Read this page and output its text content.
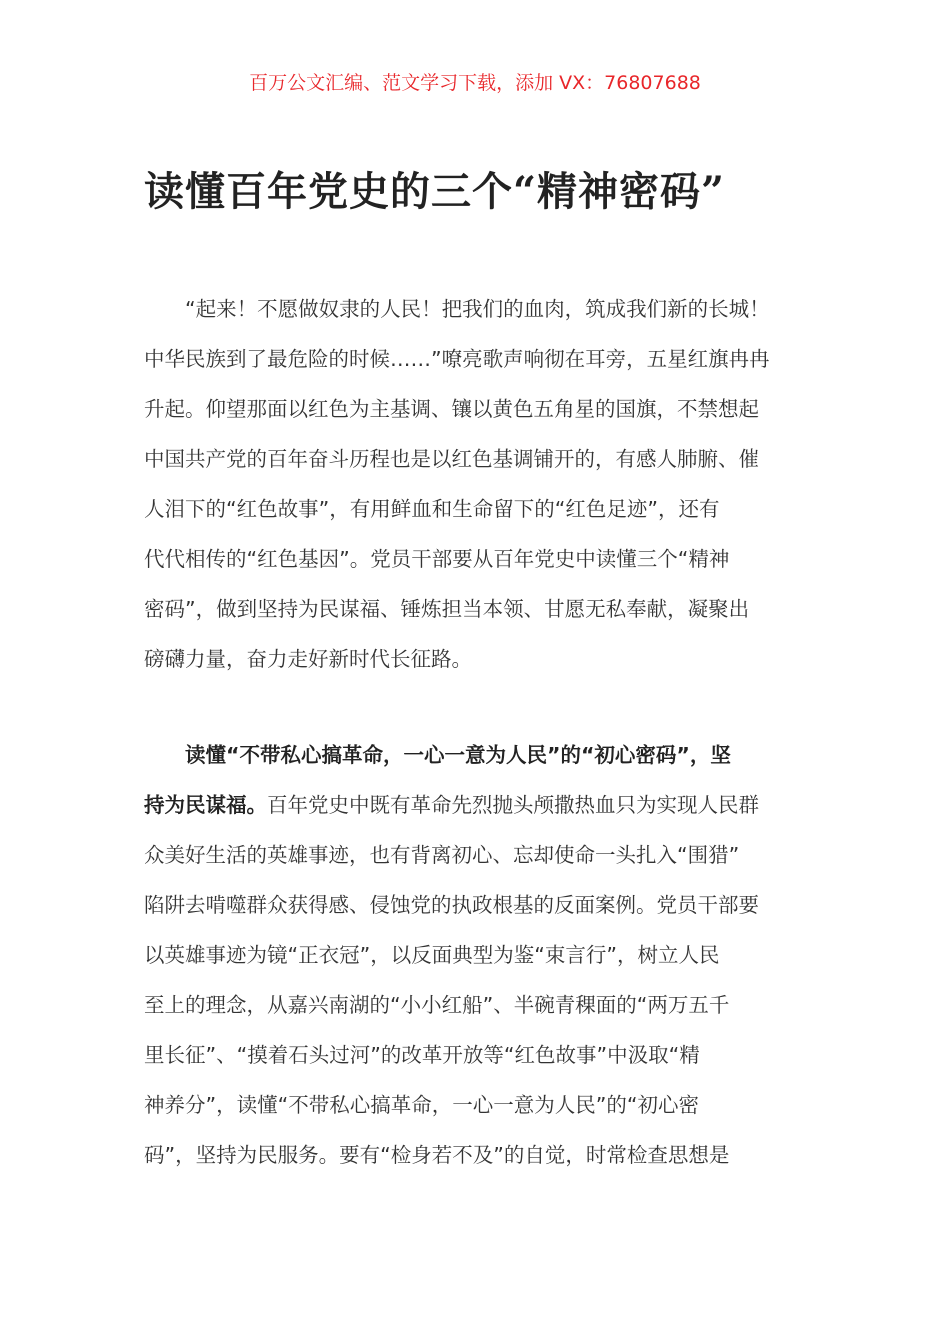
百万公文汇编、范文学习下载，添加 VX：76807688
读懂百年党史的三个“精神密码”
　　“起来！不愿做奴隶的人民！把我们的血肉，筑成我们新的长城！
中华民族到了最危险的时候……”嘹亮歌声响彻在耳旁，五星红旗冉冉
升起。仰望那面以红色为主基调、镶以黄色五角星的国旗，不禁想起
中国共产党的百年奋斗历程也是以红色基调铺开的，有感人肺腑、催
人泪下的“红色故事”，有用鲜血和生命留下的“红色足迹”，还有
代代相传的“红色基因”。党员干部要从百年党史中读懂三个“精神
密码”，做到坚持为民谋福、锤炼担当本领、甘愿无私奉献，凝聚出
磅礴力量，奋力走好新时代长征路。
　　读懂“不带私心搞革命，一心一意为人民”的“初心密码”，坚
持为民谋福。百年党史中既有革命先烈抛头颅撒热血只为实现人民群
众美好生活的英雄事迹，也有背离初心、忘却使命一头扎入“围猎”
陷阱去啃噬群众获得感、侵蚀党的执政根基的反面案例。党员干部要
以英雄事迹为镜“正衣冠”，以反面典型为鉴“束言行”，树立人民
至上的理念，从嘉兴南湖的“小小红船”、半碗青稞面的“两万五千
里长征”、“摸着石头过河”的改革开放等“红色故事”中汲取“精
神养分”，读懂“不带私心搞革命，一心一意为人民”的“初心密
码”，坚持为民服务。要有“检身若不及”的自觉，时常检查思想是
